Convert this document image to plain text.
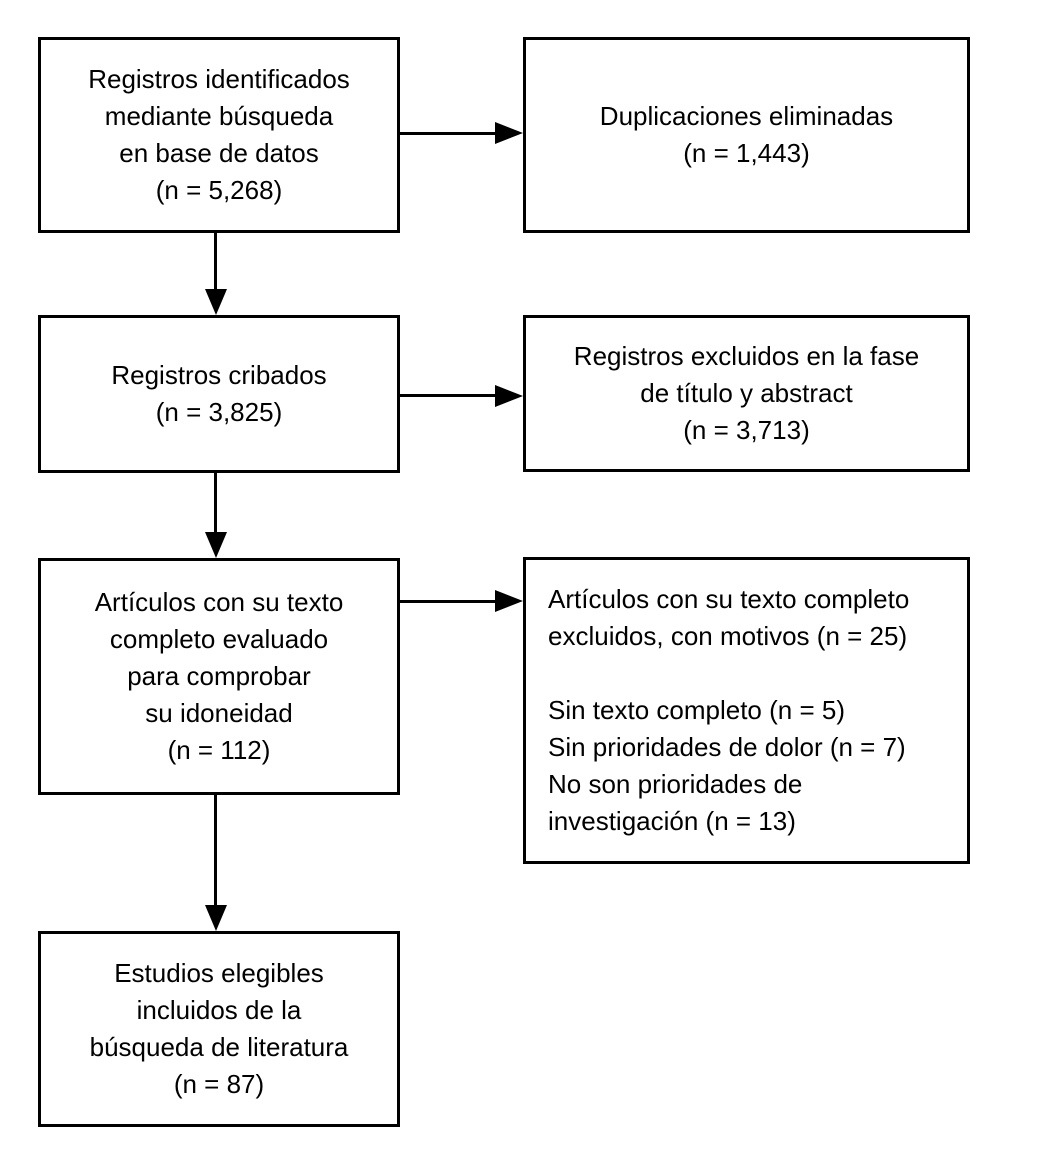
Registros identificados
mediante búsqueda
en base de datos
(n = 5,268)
Duplicaciones eliminadas
(n = 1,443)
Registros cribados
(n = 3,825)
Registros excluidos en la fase
de título y abstract
(n = 3,713)
Artículos con su texto
completo evaluado
para comprobar
su idoneidad
(n = 112)
Artículos con su texto completo
excluidos, con motivos (n = 25)

Sin texto completo (n = 5)
Sin prioridades de dolor (n = 7)
No son prioridades de
investigación (n = 13)
Estudios elegibles
incluidos de la
búsqueda de literatura
(n = 87)
